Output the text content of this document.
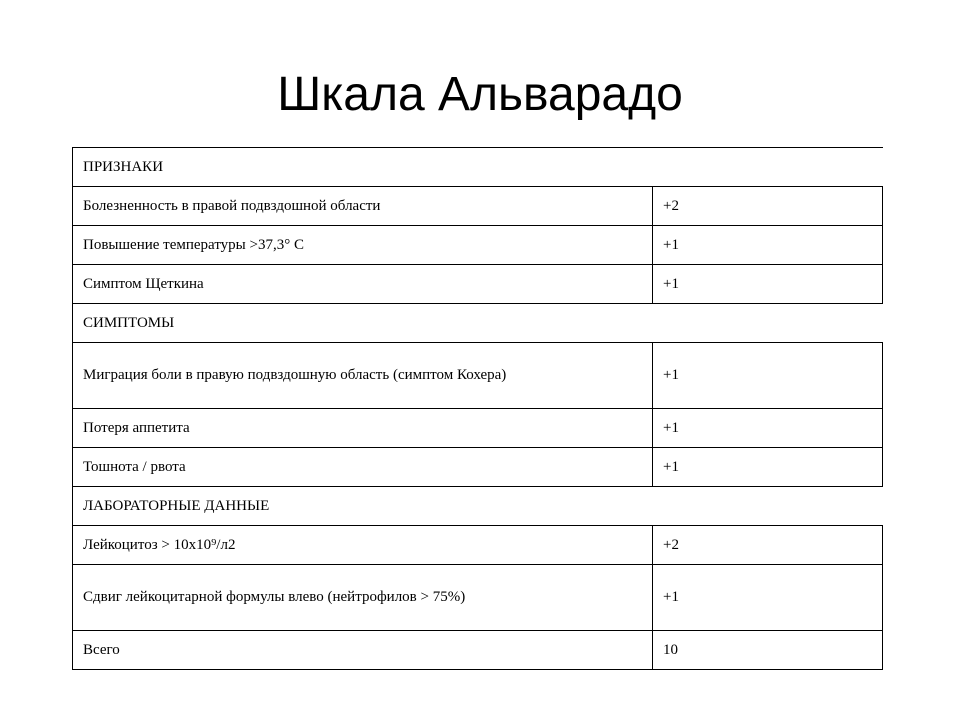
Шкала Альварадо
ПРИЗНАКИ	
Болезненность в правой подвздошной области	+2
Повышение температуры >37,3° С	+1
Симптом Щеткина	+1
СИМПТОМЫ	
Миграция боли в правую подвздошную область (симптом Кохера)	+1
Потеря аппетита	+1
Тошнота / рвота	+1
ЛАБОРАТОРНЫЕ ДАННЫЕ	
Лейкоцитоз > 10х10⁹/л2	+2
Сдвиг лейкоцитарной формулы влево (нейтрофилов > 75%)	+1
Всего	10
